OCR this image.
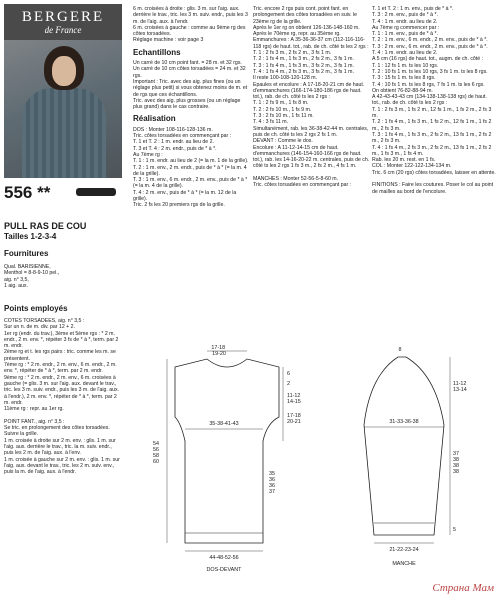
BERGERE
de France
556 **
PULL RAS DE COU
Tailles 1-2-3-4
Fournitures
Qual. BARISIENNE,
Menthol = 8-8-9-10 pel.,
aig. n° 3,5,
1 aig. aux.
Points employés

COTES TORSADEES, aig. n° 3,5 :
Sur un n. de m. div. par 12 + 2.
1er rg (endr. du trav.), 3ème et 5ème rgs : * 2 m. endr., 2 m. env. *, répéter 3 fs de * à *, term. par 2 m. endr.
2ème rg et t. les rgs pairs : tric. comme les m. se présentent.
7ème rg : * 2 m. endr., 2 m. env., 6 m. endr., 2 m. env. *, répéter de * à *, term. par 2 m. endr.
9ème rg : * 2 m. endr., 2 m. env., 6 m. croisées à gauche (= glis. 3 m. sur l'aig. aux. devant le trav., tric. les 3 m. suiv. endr., puis les 3 m. de l'aig. aux. à l'endr.), 2 m. env. *, répéter de * à *, term. par 2 m. endr.
11ème rg : repr. au 1er rg.

POINT FANT., aig. n° 3,5 :
Se tric. en prolongement des côtes torsadées.
Suivre la grille.
1 m. croisée à droite sur 2 m. env. : glis. 1 m. sur l'aig. aux. derrière le trav., tric. la m. suiv. endr., puis les 2 m. de l'aig. aux. à l'env.
1 m. croisée à gauche sur 2 m. env. : glis. 1 m. sur l'aig. aux. devant le trav., tric. les 2 m. suiv. env., puis la m. de l'aig. aux. à l'endr.

6 m. croisées à droite : glis. 3 m. sur l'aig. aux. derrière le trav., tric. les 3 m. suiv. endr., puis les 3 m. de l'aig. aux. à l'endr.
6 m. croisées à gauche : comme au 9ème rg des côtes torsadées.
Réglage machine : voir page 3

Echantillons

Un carré de 10 cm point fant. = 28 m. et 32 rgs.
Un carré de 10 cm côtes torsadées = 24 m. et 32 rgs.
Important : Tric. avec des aig. plus fines (ou un réglage plus petit) si vous obtenez moins de m. et de rgs que ces échantillons.
Tric. avec des aig. plus grosses (ou un réglage plus grand) dans le cas contraire.

Réalisation

DOS : Monter 108-116-128-136 m.
Tric. côtes torsadées en commençant par :
T. 1 et T. 2 : 1 m. endr. au lieu de 2.
T. 3 et T. 4 : 2 m. endr., puis de * à *.
Au 7ème rg :
T. 1 : 1 m. endr. au lieu de 2 (= la m. 1 de la grille).
T. 2 : 1 m. env., 2 m. endr., puis de * à * (= la m. 4 de la grille).
T. 3 : 1 m. env., 6 m. endr., 2 m. env., puis de * à * (= la m. 4 de la grille).
T. 4 : 2 m. env., puis de * à * (= la m. 12 de la grille).
Tric. 2 fs les 20 premiers rgs de la grille.

Tric. encore 2 rgs puis cont. point fant. en prolongement des côtes torsadées en suiv. le 23ème rg de la grille.
Après le 1er rg on obtient 126-136-148-160 m.
Après le 70ème rg, repr. au 35ème rg.
Emmanchures : A 35-36-36-37 cm (112-116-116-118 rgs) de haut. tot., rab. de ch. côté ts les 2 rgs :
T. 1 : 2 fs 3 m., 2 fs 2 m., 3 fs 1 m.
T. 2 : 1 fs 4 m., 1 fs 3 m., 2 fs 2 m., 3 fs 1 m.
T. 3 : 1 fs 4 m., 1 fs 3 m., 3 fs 2 m., 3 fs 1 m.
T. 4 : 1 fs 4 m., 2 fs 3 m., 3 fs 2 m., 3 fs 1 m.
Il reste 100-108-120-128 m.
Epaules et encolure : A 17-18-20-21 cm de haut. d'emmanchures (166-174-180-186 rgs de haut. tot.), rab. de ch. côté ts les 2 rgs :
T. 1 : 2 fs 9 m., 1 fs 8 m.
T. 2 : 2 fs 10 m., 1 fs 9 m.
T. 3 : 2 fs 10 m., 1 fs 11 m.
T. 4 : 3 fs 11 m.
Simultanément, rab. les 36-38-42-44 m. centrales, puis de ch. côté ts les 2 rgs 2 fs 1 m.
DEVANT : Comme le dos.
Encolure : A 11-12-14-15 cm de haut. d'emmanchures (146-154-160-166 rgs de haut. tot.), rab. les 14-16-20-22 m. centrales, puis de ch. côté ts les 2 rgs 1 fs 3 m., 2 fs 2 m., 4 fs 1 m.

MANCHES : Monter 52-56-5-8-60 m.
Tric. côtes torsadées en commençant par :

T. 1 et T. 2 : 1 m. env., puis de * à *.
T. 3 : 2 m. env., puis de * à *.
T. 4 : 1 m. endr. au lieu de 2.
Au 7ème rg commencer par :
T. 1 : 1 m. env., puis de * à *.
T. 2 : 1 m. env., 6 m. endr., 2 m. env., puis de * à *.
T. 3 : 2 m. env., 6 m. endr., 2 m. env., puis de * à *.
T. 4 : 1 m. endr. au lieu de 2.
A 5 cm (16 rgs) de haut. tot., augm. de ch. côté :
T. 1 : 12 fs 1 m. ts les 10 rgs.
T. 2 : 10 fs 1 m. ts les 10 rgs, 3 fs 1 m. ts les 8 rgs.
T. 3 : 15 fs 1 m. ts les 8 rgs.
T. 4 : 10 fs 1 m. ts les 8 rgs, 7 fs 1 m. ts les 6 rgs.
On obtient 76-82-88-94 m.
A 42-43-43-43 cm (134-138-138-138 rgs) de haut. tot., rab. de ch. côté ts les 2 rgs :
T. 1 : 2 fs 3 m., 1 fs 2 m., 12 fs 1 m., 1 fs 2 m., 2 fs 3 m.
T. 2 : 1 fs 4 m., 1 fs 3 m., 1 fs 2 m., 12 fs 1 m., 1 fs 2 m., 2 fs 3 m.
T. 3 : 1 fs 4 m., 1 fs 3 m., 2 fs 2 m., 13 fs 1 m., 2 fs 2 m., 2 fs 3 m.
T. 4 : 1 fs 4 m., 2 fs 3 m., 2 fs 2 m., 13 fs 1 m., 2 fs 2 m., 1 fs 3 m., 1 fs 4 m.
Rab. les 20 m. rest. en 1 fs.
COL : Monter 122-122-134-134 m.
Tric. 6 cm (20 rgs) côtes torsadées, laisser en attente.

FINITIONS : Faire les coutures. Poser le col au point de mailles au bord de l'encolure.

17-18 19-20
6
2
11-12 14-15
17-18 20-21
35-38-41-43
54 56 58 60
35 36 36 37
44-48-52-56
DOS-DEVANT
8
11-12 13-14
31-33-36-38
37 38 38 38
5
21-22-23-24
MANCHE
Страна Мам
